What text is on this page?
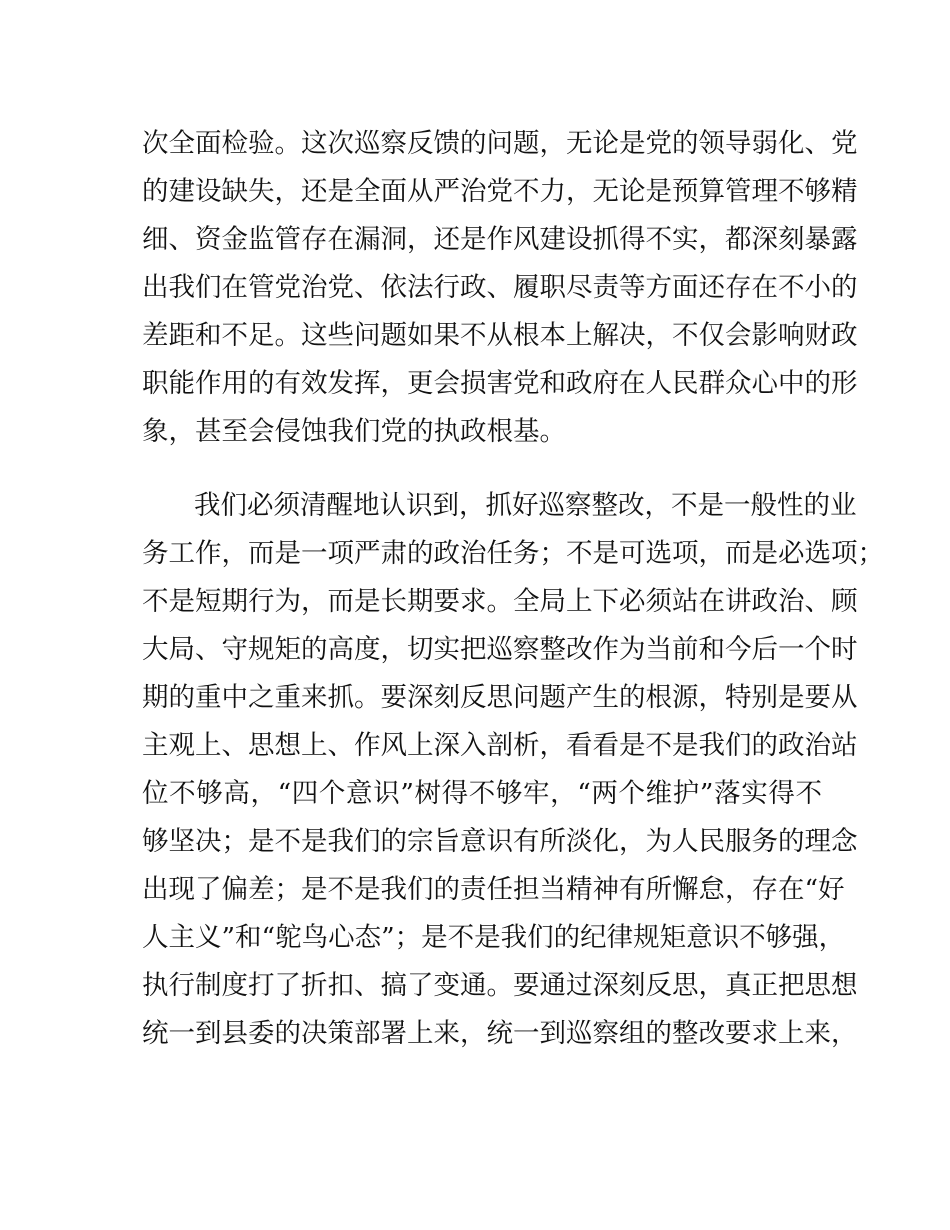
次全面检验。这次巡察反馈的问题，无论是党的领导弱化、党
的建设缺失，还是全面从严治党不力，无论是预算管理不够精
细、资金监管存在漏洞，还是作风建设抓得不实，都深刻暴露
出我们在管党治党、依法行政、履职尽责等方面还存在不小的
差距和不足。这些问题如果不从根本上解决，不仅会影响财政
职能作用的有效发挥，更会损害党和政府在人民群众心中的形
象，甚至会侵蚀我们党的执政根基。
我们必须清醒地认识到，抓好巡察整改，不是一般性的业
务工作，而是一项严肃的政治任务；不是可选项，而是必选项；
不是短期行为，而是长期要求。全局上下必须站在讲政治、顾
大局、守规矩的高度，切实把巡察整改作为当前和今后一个时
期的重中之重来抓。要深刻反思问题产生的根源，特别是要从
主观上、思想上、作风上深入剖析，看看是不是我们的政治站
位不够高，“四个意识”树得不够牢，“两个维护”落实得不
够坚决；是不是我们的宗旨意识有所淡化，为人民服务的理念
出现了偏差；是不是我们的责任担当精神有所懈怠，存在“好
人主义”和“鸵鸟心态”；是不是我们的纪律规矩意识不够强，
执行制度打了折扣、搞了变通。要通过深刻反思，真正把思想
统一到县委的决策部署上来，统一到巡察组的整改要求上来，
